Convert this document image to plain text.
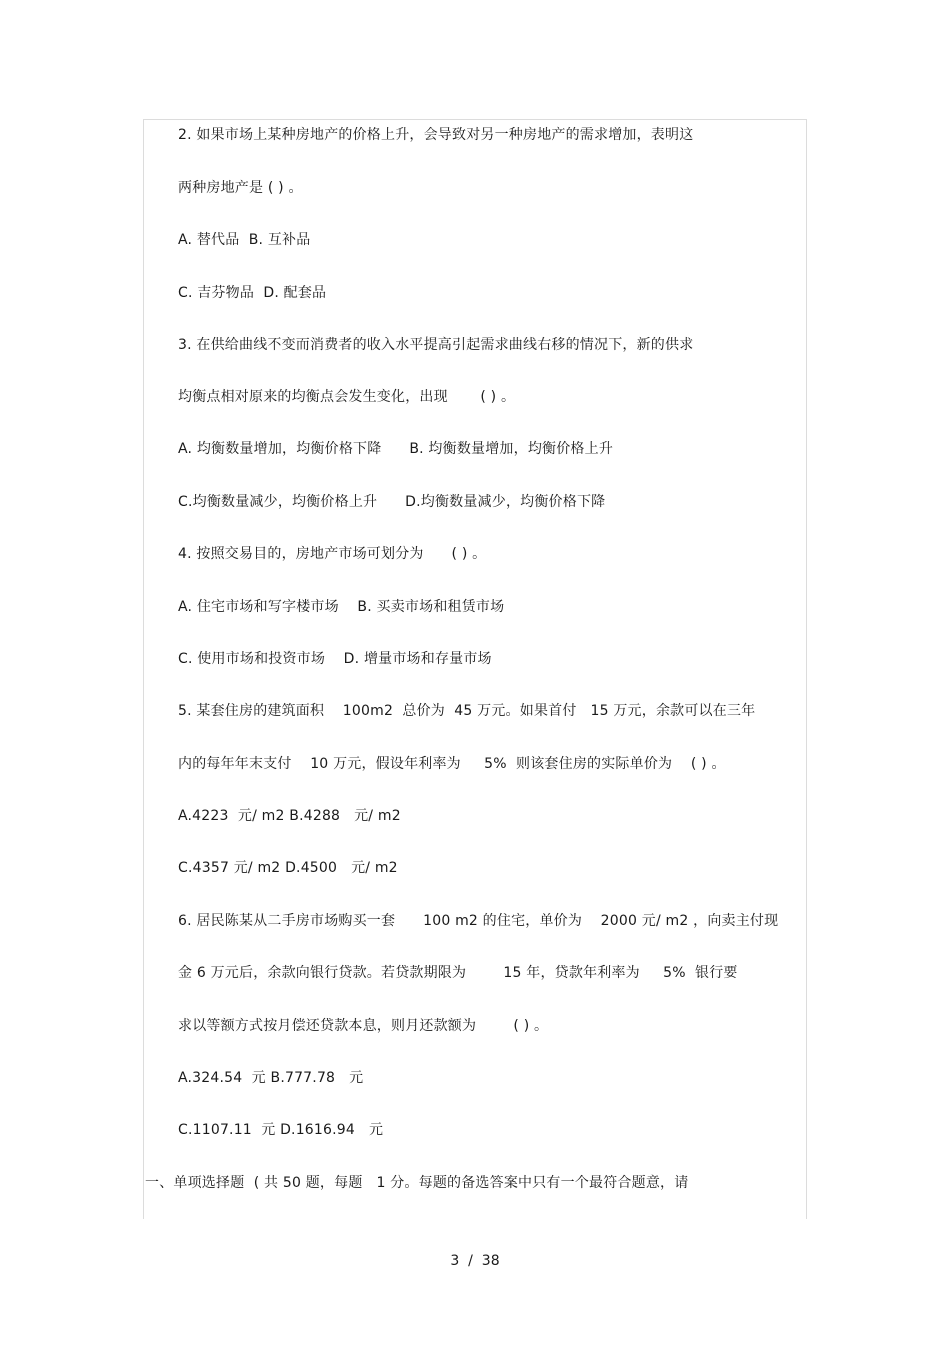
2. 如果市场上某种房地产的价格上升，会导致对另一种房地产的需求增加，表明这
两种房地产是 ( ) 。
A. 替代品  B. 互补品
C. 吉芬物品  D. 配套品
3. 在供给曲线不变而消费者的收入水平提高引起需求曲线右移的情况下，新的供求
均衡点相对原来的均衡点会发生变化，出现       ( ) 。
A. 均衡数量增加，均衡价格下降      B. 均衡数量增加，均衡价格上升
C.均衡数量减少，均衡价格上升      D.均衡数量减少，均衡价格下降
4. 按照交易目的，房地产市场可划分为      ( ) 。
A. 住宅市场和写字楼市场    B. 买卖市场和租赁市场
C. 使用市场和投资市场    D. 增量市场和存量市场
5. 某套住房的建筑面积    100m2  总价为  45 万元。如果首付   15 万元，余款可以在三年
内的每年年末支付    10 万元，假设年利率为     5%  则该套住房的实际单价为    ( ) 。
A.4223  元/ m2 B.4288   元/ m2
C.4357 元/ m2 D.4500   元/ m2
6. 居民陈某从二手房市场购买一套      100 m2 的住宅，单价为    2000 元/ m2 ，向卖主付现
金 6 万元后，余款向银行贷款。若贷款期限为        15 年，贷款年利率为     5%  银行要
求以等额方式按月偿还贷款本息，则月还款额为        ( ) 。
A.324.54  元 B.777.78   元
C.1107.11  元 D.1616.94   元
一、单项选择题  ( 共 50 题，每题   1 分。每题的备选答案中只有一个最符合题意，请
3  /  38
